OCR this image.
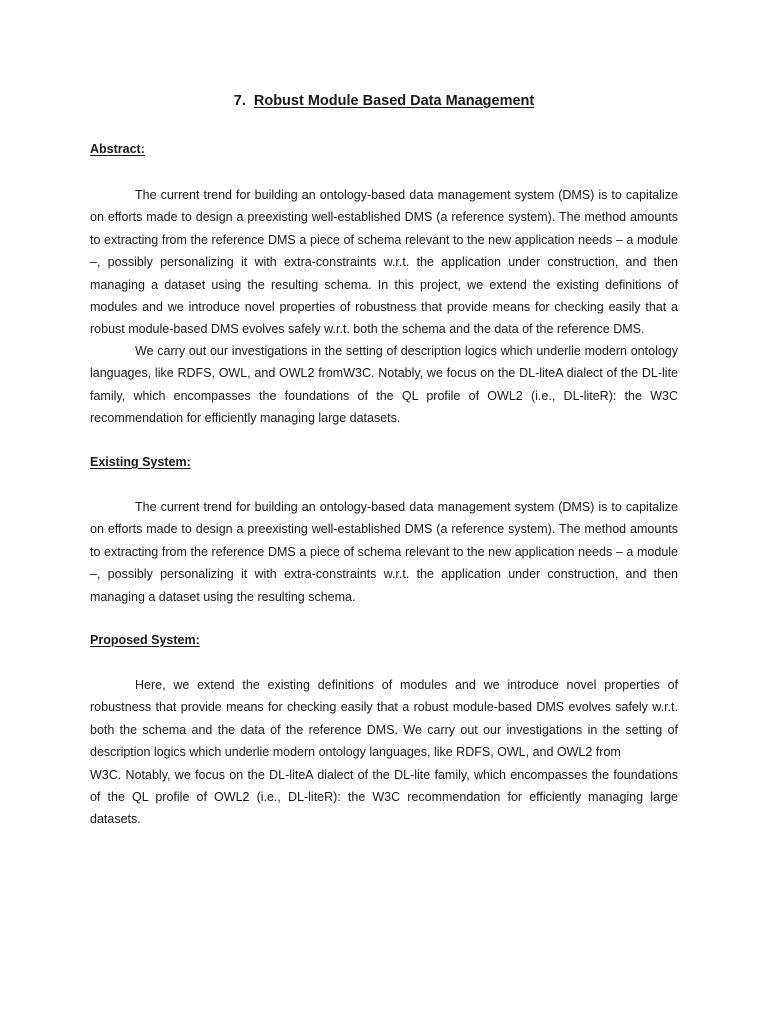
7. Robust Module Based Data Management

Abstract:

The current trend for building an ontology-based data management system (DMS) is to capitalize on efforts made to design a preexisting well-established DMS (a reference system). The method amounts to extracting from the reference DMS a piece of schema relevant to the new application needs – a module –, possibly personalizing it with extra-constraints w.r.t. the application under construction, and then managing a dataset using the resulting schema. In this project, we extend the existing definitions of modules and we introduce novel properties of robustness that provide means for checking easily that a robust module-based DMS evolves safely w.r.t. both the schema and the data of the reference DMS.

We carry out our investigations in the setting of description logics which underlie modern ontology languages, like RDFS, OWL, and OWL2 fromW3C. Notably, we focus on the DL-liteA dialect of the DL-lite family, which encompasses the foundations of the QL profile of OWL2 (i.e., DL-liteR): the W3C recommendation for efficiently managing large datasets.

Existing System:

The current trend for building an ontology-based data management system (DMS) is to capitalize on efforts made to design a preexisting well-established DMS (a reference system). The method amounts to extracting from the reference DMS a piece of schema relevant to the new application needs – a module –, possibly personalizing it with extra-constraints w.r.t. the application under construction, and then managing a dataset using the resulting schema.

Proposed System:

Here, we extend the existing definitions of modules and we introduce novel properties of robustness that provide means for checking easily that a robust module-based DMS evolves safely w.r.t. both the schema and the data of the reference DMS. We carry out our investigations in the setting of description logics which underlie modern ontology languages, like RDFS, OWL, and OWL2 from
W3C. Notably, we focus on the DL-liteA dialect of the DL-lite family, which encompasses the foundations of the QL profile of OWL2 (i.e., DL-liteR): the W3C recommendation for efficiently managing large datasets.
